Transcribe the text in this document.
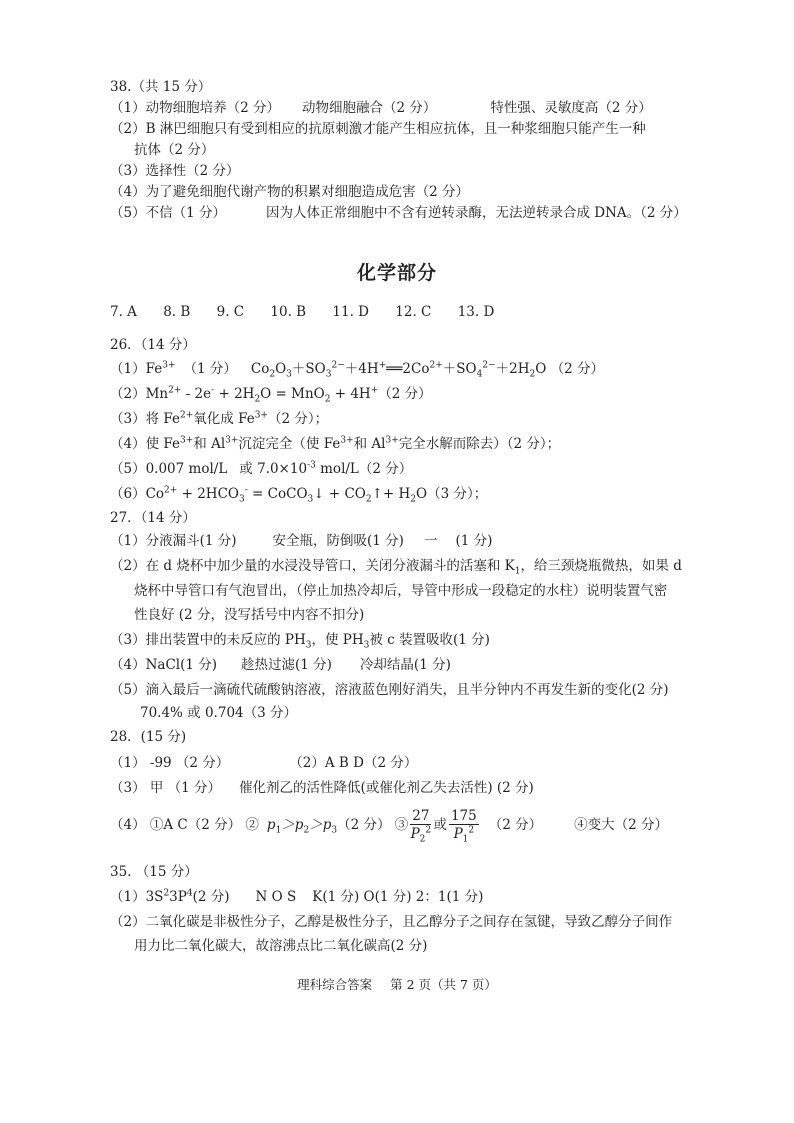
38.（共 15 分）
（1）动物细胞培养（2 分） 动物细胞融合（2 分）	特性强、灵敏度高（2 分）
（2）B 淋巴细胞只有受到相应的抗原刺激才能产生相应抗体，且一种浆细胞只能产生一种
抗体（2 分）
（3）选择性（2 分）
（4）为了避免细胞代谢产物的积累对细胞造成危害（2 分）
（5）不信（1 分）	因为人体正常细胞中不含有逆转录酶，无法逆转录合成 DNA。（2 分）
化学部分
7. A 8. B 9. C 10. B 11. D 12. C 13. D
26．（14 分）
$(1)Fe^{3+}$ （1 分） $Co_2O_3+SO_3^{2-}+4H^+══2Co^{2+}+SO_4^{2-}+2H_2O$ （2 分）
$(2)Mn^{2+} - 2e^- + 2H_2O = MnO_2 + 4H^+(2$ 分）
（3）将 $Fe^{2+}$氧化成 $Fe^{3+}(2$ 分）；
（4）使 $Fe^{3+}$和 $Al^{3+}$沉淀完全（使 $Fe^{3+}$和 $Al^{3+}$完全水解而除去）（2 分）；
（5）0.007 mol/L 或 $7.0\times 10^{-3}$ mol/L（2 分）
$(6)Co^{2+} + 2HCO_3^-$ = CoCO$_3$↓ + $CO_2↑+ H_2O(3$ 分）；
27．（14 分）
（1）分液漏斗(1 分)	安全瓶，防倒吸(1 分) 一 (1 分)
（2）在 d 烧杯中加少量的水浸没导管口，关闭分液漏斗的活塞和 $K_1$，给三颈烧瓶微热，如果 d
烧杯中导管口有气泡冒出，（停止加热冷却后，导管中形成一段稳定的水柱）说明装置气密
性良好 (2 分，没写括号中内容不扣分)
（3）排出装置中的未反应的 $PH_3$，使 $PH_3$被 c 装置吸收(1 分)
（4）NaCl(1 分) 趁热过滤(1 分) 冷却结晶(1 分)
（5）滴入最后一滴硫代硫酸钠溶液，溶液蓝色刚好消失，且半分钟内不再发生新的变化(2 分)
70.4% 或 0.704（3 分）
28．(15 分)
（1） -99 （2 分）	（2）A B D（2 分）
（3） 甲 （1 分） 催化剂乙的活性降低(或催化剂乙失去活性) (2 分)
（4） ①A C（2 分） ② $p_1>p_2>p_3(2$ 分） ③ $\frac{27}{P_2^2}$ 或 $\frac{175}{P_1^2} (2$ 分） ④变大（2 分）
35. （15 分）
$(1)3S^23P^4(2$ 分) N O S K(1 分) O(1 分) 2：1(1 分)
（2）二氧化碳是非极性分子，乙醇是极性分子，且乙醇分子之间存在氢键，导致乙醇分子间作
用力比二氧化碳大，故溶沸点比二氧化碳高(2 分)
理科综合答案 第 2 页（共 7 页）
